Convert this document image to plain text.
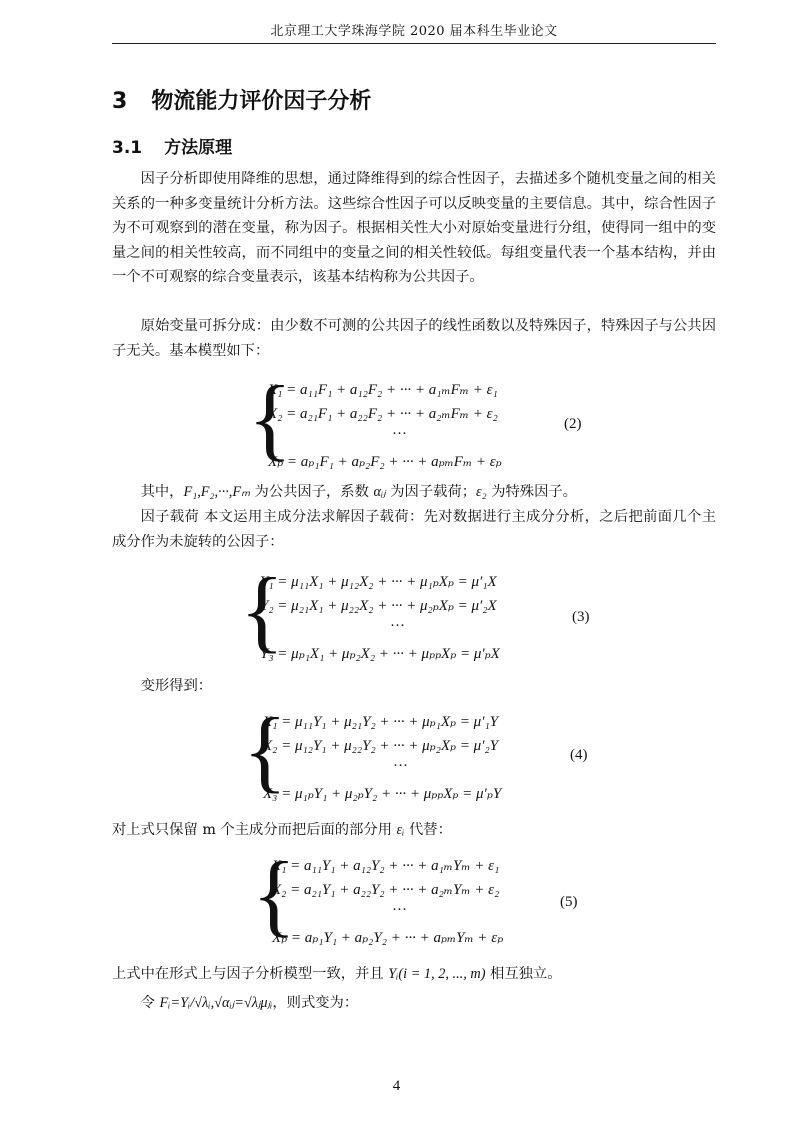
北京理工大学珠海学院 2020 届本科生毕业论文
3 物流能力评价因子分析
3.1 方法原理
因子分析即使用降维的思想，通过降维得到的综合性因子，去描述多个随机变量之间的相关关系的一种多变量统计分析方法。这些综合性因子可以反映变量的主要信息。其中，综合性因子为不可观察到的潜在变量，称为因子。根据相关性大小对原始变量进行分组，使得同一组中的变量之间的相关性较高，而不同组中的变量之间的相关性较低。每组变量代表一个基本结构，并由一个不可观察的综合变量表示，该基本结构称为公共因子。
原始变量可拆分成：由少数不可测的公共因子的线性函数以及特殊因子，特殊因子与公共因子无关。基本模型如下：
{
X₁ = a₁₁F₁ + a₁₂F₂ + ··· + a₁ₘFₘ + ε₁
X₂ = a₂₁F₁ + a₂₂F₂ + ··· + a₂ₘFₘ + ε₂
···
Xₚ = aₚ₁F₁ + aₚ₂F₂ + ··· + aₚₘFₘ + εₚ
(2)
其中，F₁,F₂,···,Fₘ 为公共因子，系数 αᵢⱼ 为因子载荷；ε₂ 为特殊因子。
因子载荷 本文运用主成分法求解因子载荷：先对数据进行主成分分析，之后把前面几个主成分作为未旋转的公因子：
{
Y₁ = μ₁₁X₁ + μ₁₂X₂ + ··· + μ₁ₚXₚ = μ′₁X
Y₂ = μ₂₁X₁ + μ₂₂X₂ + ··· + μ₂ₚXₚ = μ′₂X
···
Y₃ = μₚ₁X₁ + μₚ₂X₂ + ··· + μₚₚXₚ = μ′ₚX
(3)
变形得到：
{
X₁ = μ₁₁Y₁ + μ₂₁Y₂ + ··· + μₚ₁Xₚ = μ′₁Y
X₂ = μ₁₂Y₁ + μ₂₂Y₂ + ··· + μₚ₂Xₚ = μ′₂Y
···
X₃ = μ₁ₚY₁ + μ₂ₚY₂ + ··· + μₚₚXₚ = μ′ₚY
(4)
对上式只保留 m 个主成分而把后面的部分用 εᵢ 代替：
{
X₁ = a₁₁Y₁ + a₁₂Y₂ + ··· + a₁ₘYₘ + ε₁
X₂ = a₂₁Y₁ + a₂₂Y₂ + ··· + a₂ₘYₘ + ε₂
···
Xₚ = aₚ₁Y₁ + aₚ₂Y₂ + ··· + aₚₘYₘ + εₚ
(5)
上式中在形式上与因子分析模型一致，并且 Yᵢ(i = 1, 2, ..., m) 相互独立。
令 Fᵢ=Yᵢ/√λᵢ,√αᵢⱼ=√λⱼμⱼᵢ，则式变为：
4
